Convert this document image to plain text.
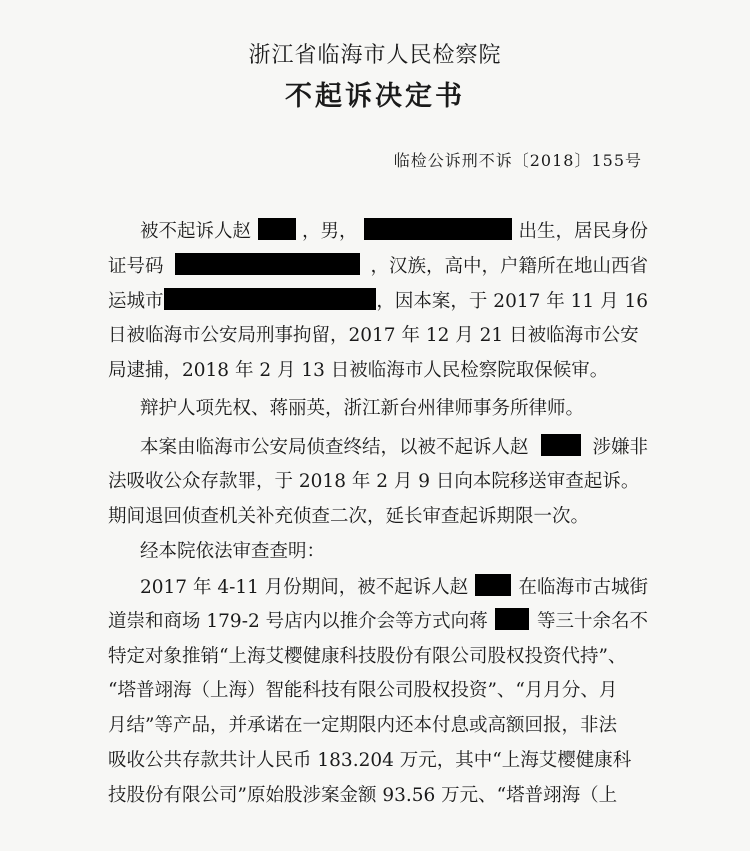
浙江省临海市人民检察院
不起诉决定书
临检公诉刑不诉〔2018〕155号
被不起诉人赵	，男，	出生，居民身份
证号码	，汉族，高中，户籍所在地山西省
运城市	，因本案，于 2017 年 11 月 16
日被临海市公安局刑事拘留，2017 年 12 月 21 日被临海市公安
局逮捕，2018 年 2 月 13 日被临海市人民检察院取保候审。
辩护人项先权、蒋丽英，浙江新台州律师事务所律师。
本案由临海市公安局侦查终结，以被不起诉人赵	涉嫌非
法吸收公众存款罪，于 2018 年 2 月 9 日向本院移送审查起诉。
期间退回侦查机关补充侦查二次，延长审查起诉期限一次。
经本院依法审查查明：
2017 年 4-11 月份期间，被不起诉人赵	在临海市古城街
道崇和商场 179-2 号店内以推介会等方式向蒋	等三十余名不
特定对象推销“上海艾樱健康科技股份有限公司股权投资代持”、
“塔普翊海（上海）智能科技有限公司股权投资”、“月月分、月
月结”等产品，并承诺在一定期限内还本付息或高额回报，非法
吸收公共存款共计人民币 183.204 万元，其中“上海艾樱健康科
技股份有限公司”原始股涉案金额 93.56 万元、“塔普翊海（上
